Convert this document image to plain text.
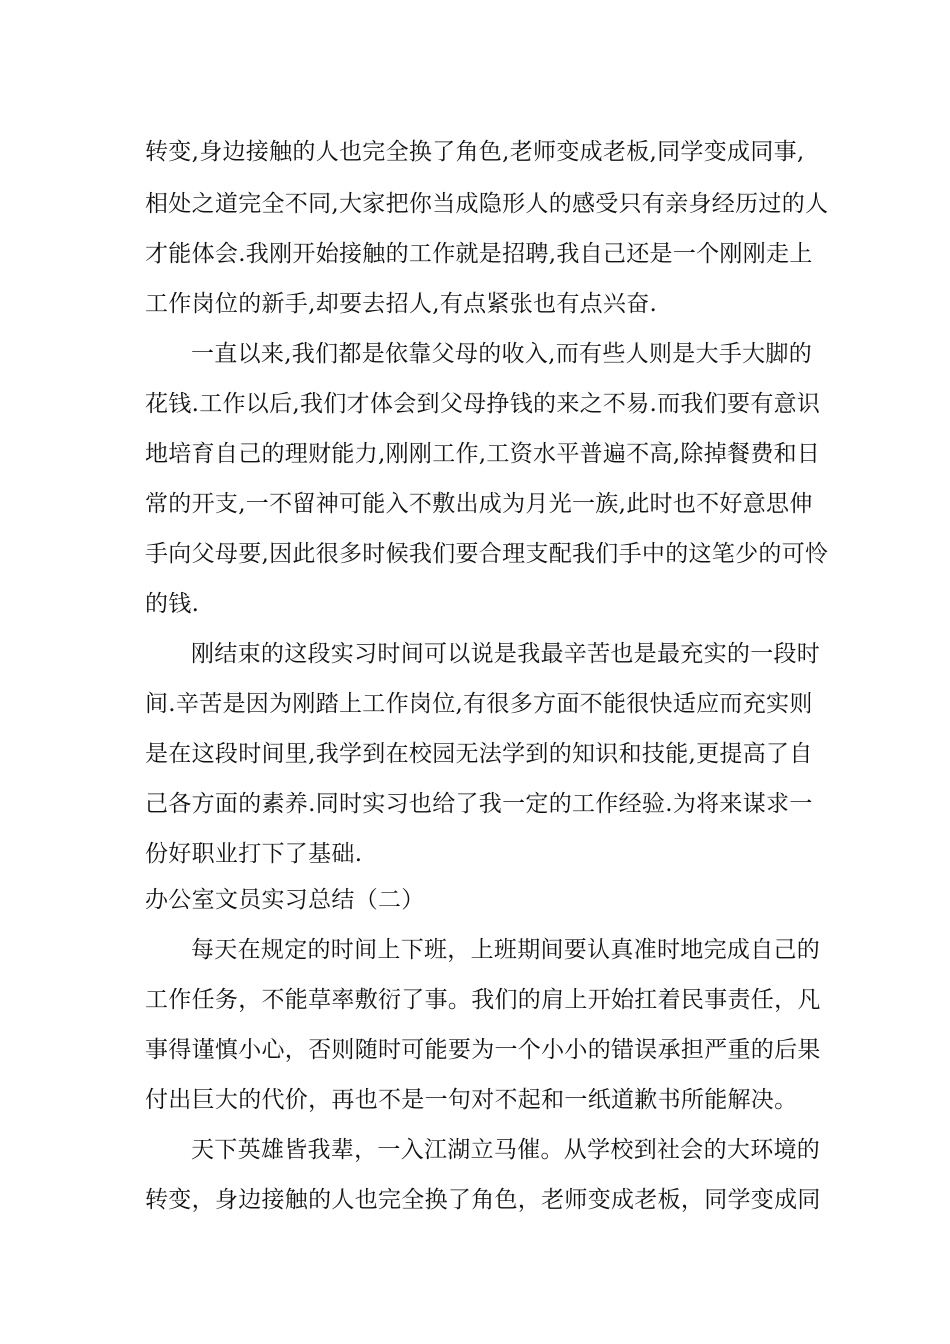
转变,身边接触的人也完全换了角色,老师变成老板,同学变成同事,
相处之道完全不同,大家把你当成隐形人的感受只有亲身经历过的人
才能体会.我刚开始接触的工作就是招聘,我自己还是一个刚刚走上
工作岗位的新手,却要去招人,有点紧张也有点兴奋.
一直以来,我们都是依靠父母的收入,而有些人则是大手大脚的
花钱.工作以后,我们才体会到父母挣钱的来之不易.而我们要有意识
地培育自己的理财能力,刚刚工作,工资水平普遍不高,除掉餐费和日
常的开支,一不留神可能入不敷出成为月光一族,此时也不好意思伸
手向父母要,因此很多时候我们要合理支配我们手中的这笔少的可怜
的钱.
刚结束的这段实习时间可以说是我最辛苦也是最充实的一段时
间.辛苦是因为刚踏上工作岗位,有很多方面不能很快适应而充实则
是在这段时间里,我学到在校园无法学到的知识和技能,更提高了自
己各方面的素养.同时实习也给了我一定的工作经验.为将来谋求一
份好职业打下了基础.
办公室文员实习总结（二）
每天在规定的时间上下班，上班期间要认真准时地完成自己的
工作任务，不能草率敷衍了事。我们的肩上开始扛着民事责任，凡
事得谨慎小心，否则随时可能要为一个小小的错误承担严重的后果
付出巨大的代价，再也不是一句对不起和一纸道歉书所能解决。
天下英雄皆我辈，一入江湖立马催。从学校到社会的大环境的
转变，身边接触的人也完全换了角色，老师变成老板，同学变成同
